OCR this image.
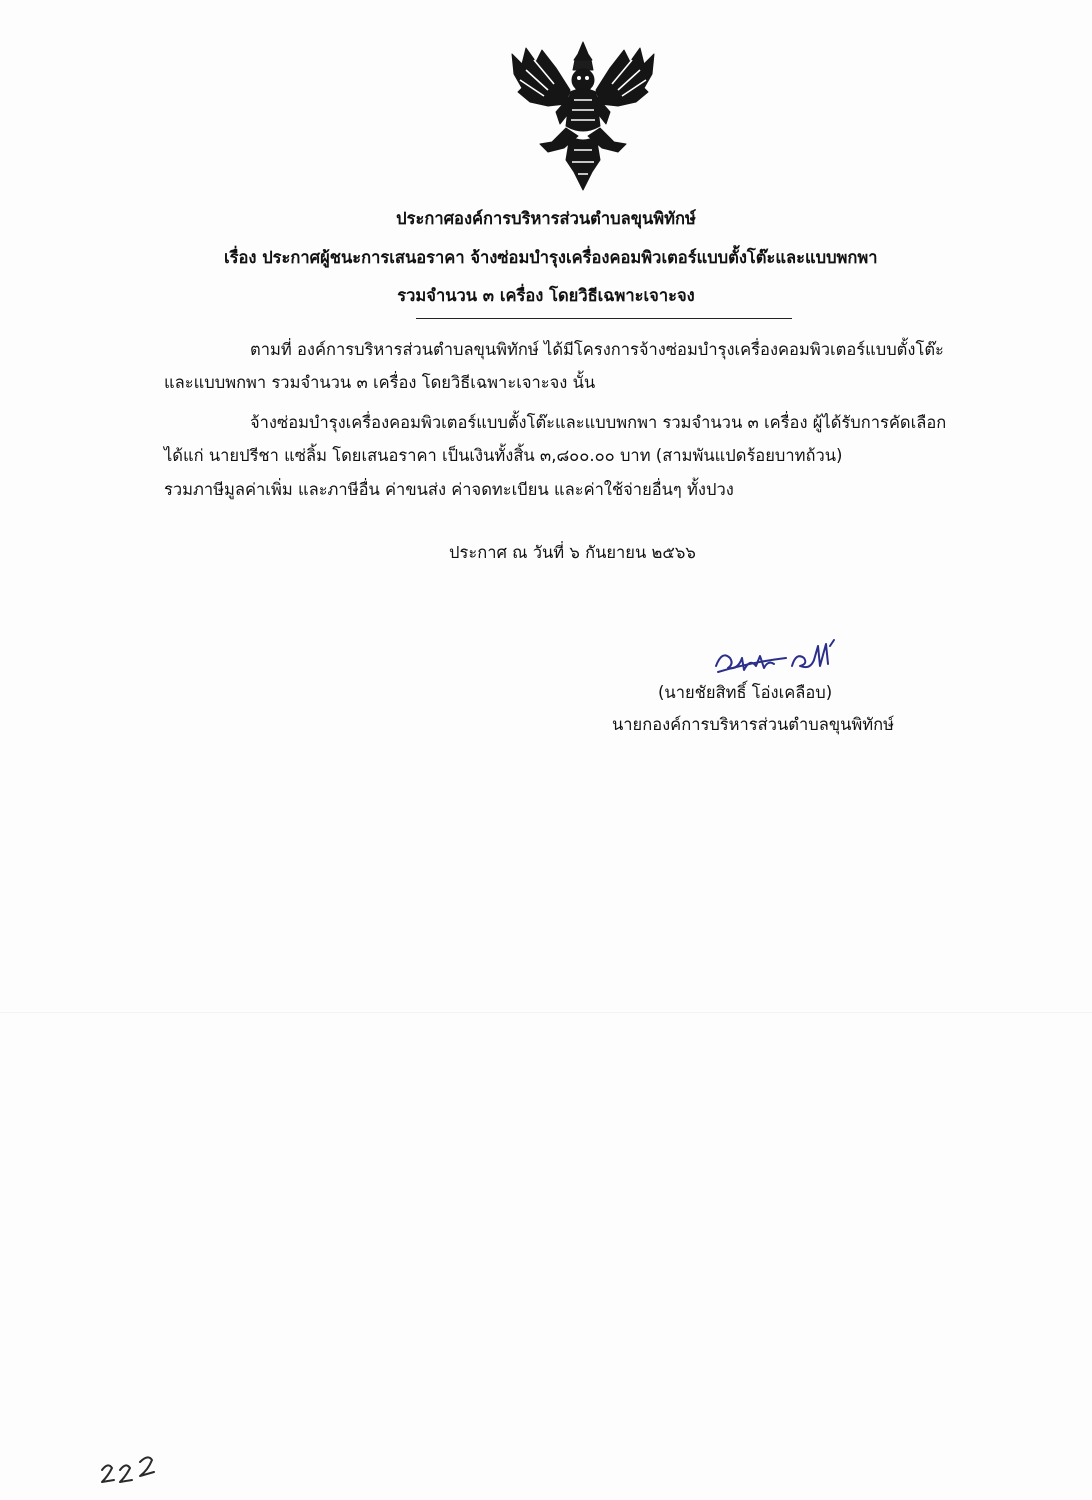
ประกาศองค์การบริหารส่วนตำบลขุนพิทักษ์
เรื่อง ประกาศผู้ชนะการเสนอราคา จ้างซ่อมบำรุงเครื่องคอมพิวเตอร์แบบตั้งโต๊ะและแบบพกพา
รวมจำนวน ๓ เครื่อง โดยวิธีเฉพาะเจาะจง
ตามที่ องค์การบริหารส่วนตำบลขุนพิทักษ์ ได้มีโครงการจ้างซ่อมบำรุงเครื่องคอมพิวเตอร์แบบตั้งโต๊ะ
และแบบพกพา รวมจำนวน ๓ เครื่อง โดยวิธีเฉพาะเจาะจง นั้น
จ้างซ่อมบำรุงเครื่องคอมพิวเตอร์แบบตั้งโต๊ะและแบบพกพา รวมจำนวน ๓ เครื่อง ผู้ได้รับการคัดเลือก
ได้แก่ นายปรีชา แซ่ลิ้ม โดยเสนอราคา เป็นเงินทั้งสิ้น ๓,๘๐๐.๐๐ บาท (สามพันแปดร้อยบาทถ้วน)
รวมภาษีมูลค่าเพิ่ม และภาษีอื่น ค่าขนส่ง ค่าจดทะเบียน และค่าใช้จ่ายอื่นๆ ทั้งปวง
ประกาศ ณ วันที่ ๖ กันยายน ๒๕๖๖
(นายชัยสิทธิ์ โอ่งเคลือบ)
นายกองค์การบริหารส่วนตำบลขุนพิทักษ์
